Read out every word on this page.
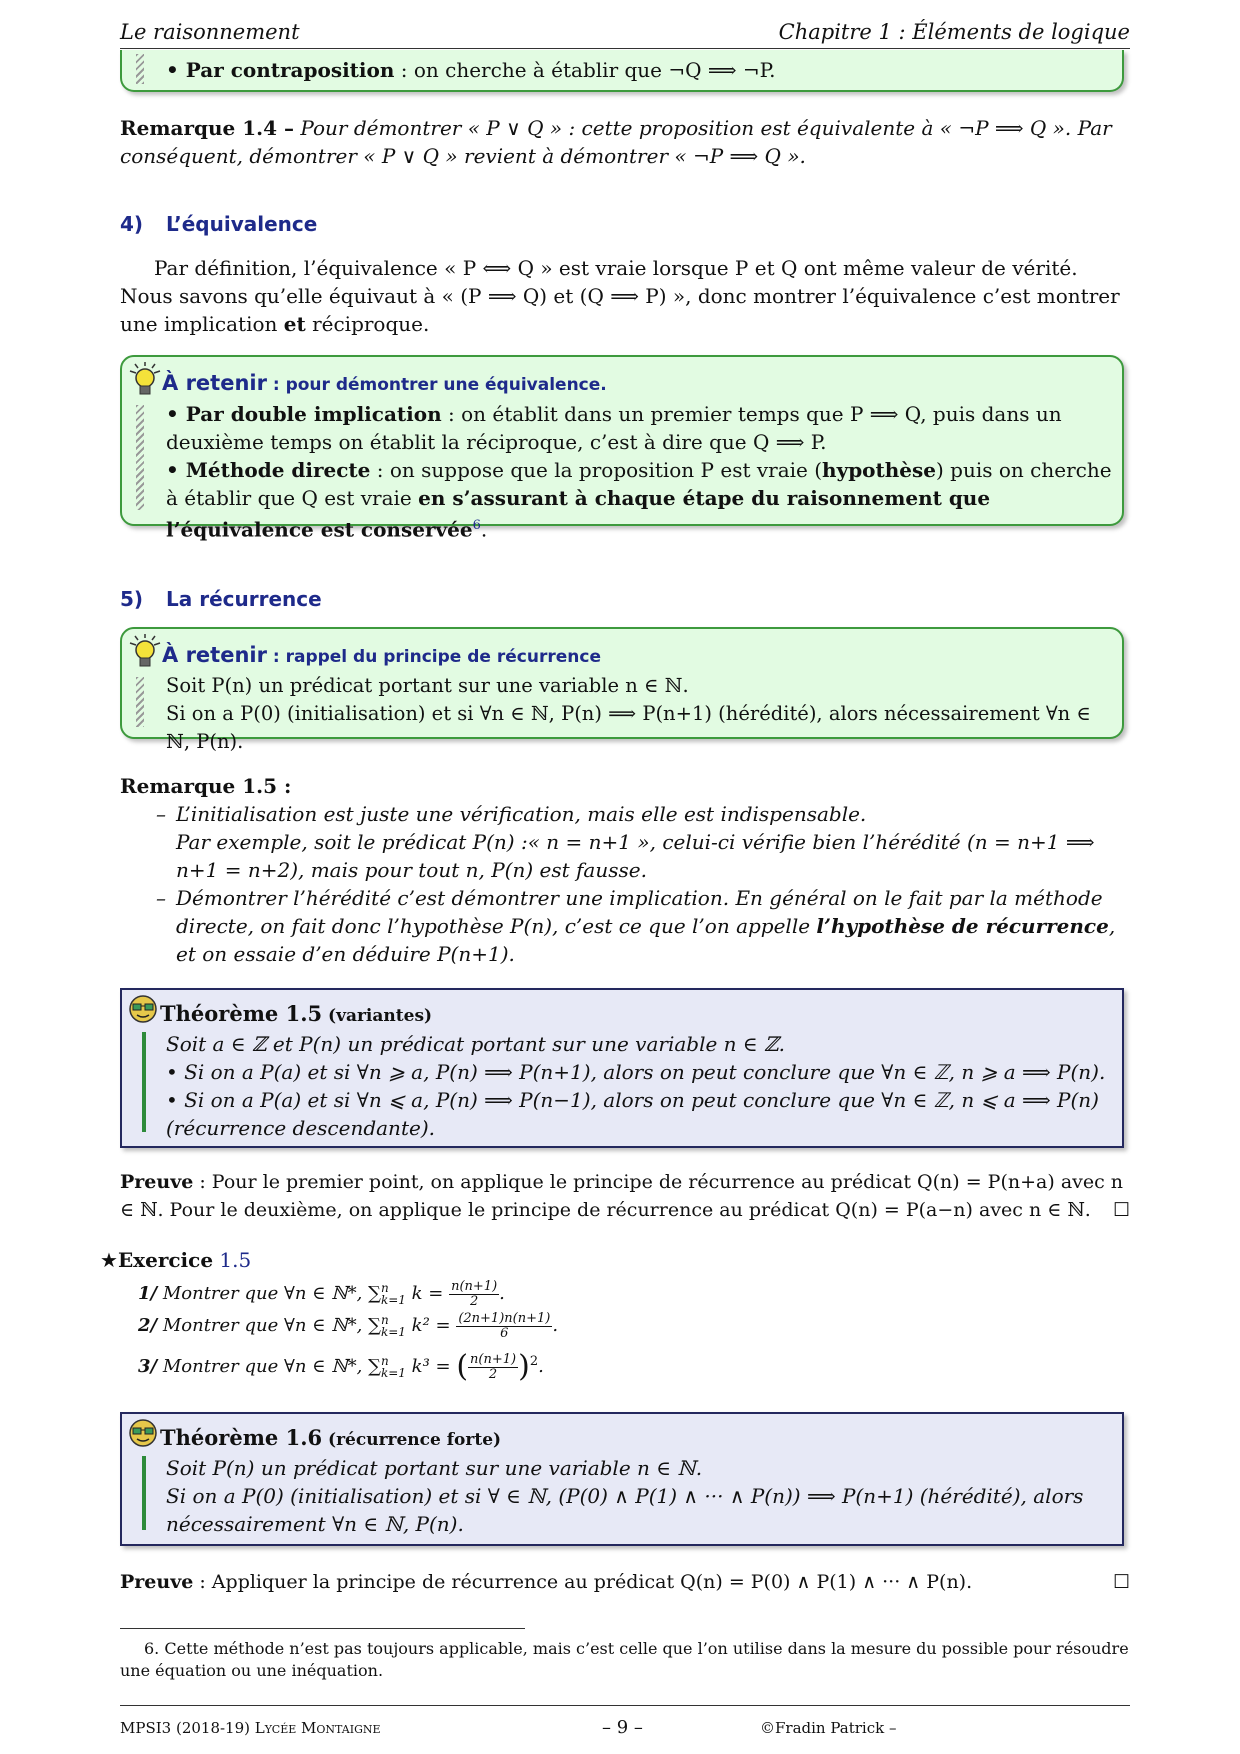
Le raisonnement	Chapitre 1 : Éléments de logique
• Par contraposition : on cherche à établir que ¬Q ⟹ ¬P.
Remarque 1.4 – Pour démontrer « P ∨ Q » : cette proposition est équivalente à « ¬P ⟹ Q ». Par conséquent, démontrer « P ∨ Q » revient à démontrer « ¬P ⟹ Q ».
4) L’équivalence
Par définition, l’équivalence « P ⟺ Q » est vraie lorsque P et Q ont même valeur de vérité. Nous savons qu’elle équivaut à « (P ⟹ Q) et (Q ⟹ P) », donc montrer l’équivalence c’est montrer une implication et réciproque.
À retenir : pour démontrer une équivalence.
• Par double implication : on établit dans un premier temps que P ⟹ Q, puis dans un deuxième temps on établit la réciproque, c’est à dire que Q ⟹ P.
• Méthode directe : on suppose que la proposition P est vraie (hypothèse) puis on cherche à établir que Q est vraie en s’assurant à chaque étape du raisonnement que l’équivalence est conservée$^6$.
5) La récurrence
À retenir : rappel du principe de récurrence
Soit P(n) un prédicat portant sur une variable n ∈ ℕ.
Si on a P(0) (initialisation) et si ∀n ∈ ℕ, P(n) ⟹ P(n+1) (hérédité), alors nécessairement ∀n ∈ ℕ, P(n).
Remarque 1.5 :
– L’initialisation est juste une vérification, mais elle est indispensable.
Par exemple, soit le prédicat P(n) :« n = n+1 », celui-ci vérifie bien l’hérédité (n = n+1 ⟹ n+1 = n+2), mais pour tout n, P(n) est fausse.
– Démontrer l’hérédité c’est démontrer une implication. En général on le fait par la méthode directe, on fait donc l’hypothèse P(n), c’est ce que l’on appelle l’hypothèse de récurrence, et on essaie d’en déduire P(n+1).
Théorème 1.5 (variantes)
Soit a ∈ ℤ et P(n) un prédicat portant sur une variable n ∈ ℤ.
• Si on a P(a) et si ∀n ⩾ a, P(n) ⟹ P(n+1), alors on peut conclure que ∀n ∈ ℤ, n ⩾ a ⟹ P(n).
• Si on a P(a) et si ∀n ⩽ a, P(n) ⟹ P(n−1), alors on peut conclure que ∀n ∈ ℤ, n ⩽ a ⟹ P(n) (récurrence descendante).
Preuve : Pour le premier point, on applique le principe de récurrence au prédicat Q(n) = P(n+a) avec n ∈ ℕ. Pour le deuxième, on applique le principe de récurrence au prédicat Q(n) = P(a−n) avec n ∈ ℕ. ☐
★Exercice 1.5
1/ Montrer que ∀n ∈ ℕ*, ∑ n
k=1 $k = \frac{n(n+1)}{2}$ .
2/ Montrer que ∀n ∈ ℕ*, ∑ n
k=1 $k^2 = \frac{(2n+1)n(n+1)}{6}$ .
3/ Montrer que ∀n ∈ ℕ*, ∑ n
k=1 k³ = ( $\frac{n(n+1)}{2} )^2$.
Théorème 1.6 (récurrence forte)
Soit P(n) un prédicat portant sur une variable n ∈ ℕ.
Si on a P(0) (initialisation) et si ∀ ∈ ℕ, (P(0) ∧ P(1) ∧ ··· ∧ P(n)) ⟹ P(n+1) (hérédité), alors nécessairement ∀n ∈ ℕ, P(n).
Preuve : Appliquer la principe de récurrence au prédicat Q(n) = P(0) ∧ P(1) ∧ ··· ∧ P(n).	☐
6. Cette méthode n’est pas toujours applicable, mais c’est celle que l’on utilise dans la mesure du possible pour résoudre une équation ou une inéquation.
MPSI3 (2018-19) Lycée Montaigne	– 9 –	©Fradin Patrick –
